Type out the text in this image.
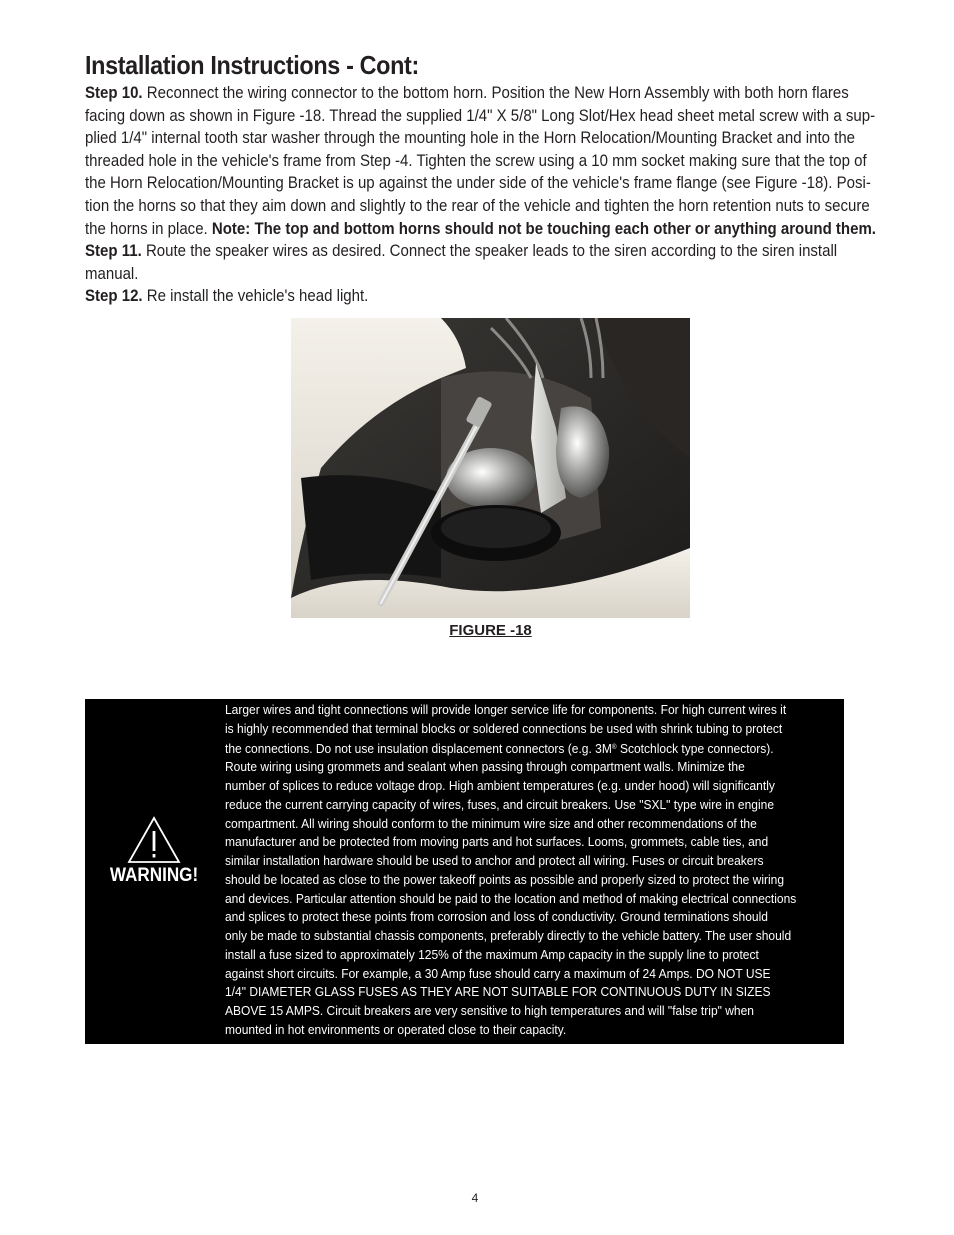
Installation Instructions - Cont:

Step 10. Reconnect the wiring connector to the bottom horn. Position the New Horn Assembly with both horn flares

facing down as shown in Figure -18. Thread the supplied 1/4" X 5/8" Long Slot/Hex head sheet metal screw with a sup-

plied 1/4" internal tooth star washer through the mounting hole in the Horn Relocation/Mounting Bracket and into the

threaded hole in the vehicle's frame from Step -4. Tighten the screw using a 10 mm socket making sure that the top of

the Horn Relocation/Mounting Bracket is up against the under side of the vehicle's frame flange (see Figure -18). Posi-

tion the horns so that they aim down and slightly to the rear of the vehicle and tighten the horn retention nuts to secure

the horns in place. Note: The top and bottom horns should not be touching each other or anything around them.

Step 11. Route the speaker wires as desired. Connect the speaker leads to the siren according to the siren install

manual.

Step 12. Re install the vehicle's head light.

FIGURE -18
WARNING!

Larger wires and tight connections will provide longer service life for components. For high current wires it

is highly recommended that terminal blocks or soldered connections be used with shrink tubing to protect

the connections. Do not use insulation displacement connectors (e.g. 3M® Scotchlock type connectors).

Route wiring using grommets and sealant when passing through compartment walls. Minimize the

number of splices to reduce voltage drop. High ambient temperatures (e.g. under hood) will significantly

reduce the current carrying capacity of wires, fuses, and circuit breakers. Use "SXL" type wire in engine

compartment. All wiring should conform to the minimum wire size and other recommendations of the

manufacturer and be protected from moving parts and hot surfaces. Looms, grommets, cable ties, and

similar installation hardware should be used to anchor and protect all wiring. Fuses or circuit breakers

should be located as close to the power takeoff points as possible and properly sized to protect the wiring

and devices. Particular attention should be paid to the location and method of making electrical connections

and splices to protect these points from corrosion and loss of conductivity. Ground terminations should

only be made to substantial chassis components, preferably directly to the vehicle battery. The user should

install a fuse sized to approximately 125% of the maximum Amp capacity in the supply line to protect

against short circuits. For example, a 30 Amp fuse should carry a maximum of 24 Amps. DO NOT USE

1/4" DIAMETER GLASS FUSES AS THEY ARE NOT SUITABLE FOR CONTINUOUS DUTY IN SIZES

ABOVE 15 AMPS. Circuit breakers are very sensitive to high temperatures and will "false trip" when

mounted in hot environments or operated close to their capacity.

4
